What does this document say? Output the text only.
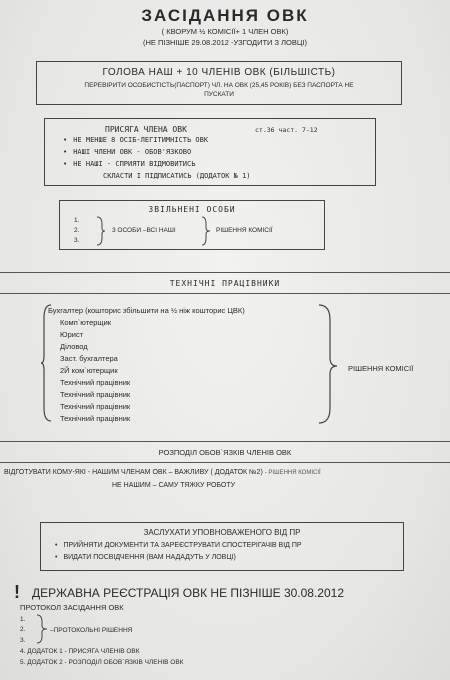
ЗАСІДАННЯ ОВК
( КВОРУМ ½ КОМІСІЇ+ 1 ЧЛЕН ОВК)
(НЕ ПІЗНІШЕ 29.08.2012 -УЗГОДИТИ З ЛОВЦІ)
ГОЛОВА НАШ + 10 ЧЛЕНІВ ОВК (БІЛЬШІСТЬ)
ПЕРЕВІРИТИ ОСОБИСТІСТЬ(ПАСПОРТ) ЧЛ. НА ОВК (25,45 РОКІВ) БЕЗ ПАСПОРТА НЕ
ПУСКАТИ
ПРИСЯГА ЧЛЕНА ОВК	ст.36 част. 7-12
• НЕ МЕНШЕ 8 ОСІБ-ЛЕГІТИМНІСТЬ ОВК
• НАШІ ЧЛЕНИ ОВК - ОБОВ'ЯЗКОВО
• НЕ НАШІ - СПРИЯТИ ВІДМОВИТИСЬ
СКЛАСТИ І ПІДПИСАТИСЬ (ДОДАТОК № 1)
ЗВІЛЬНЕНІ ОСОБИ
1.
2.
3.
3 ОСОБИ –ВСІ НАШІ	РІШЕННЯ КОМІСІЇ
ТЕХНІЧНІ ПРАЦІВНИКИ
Бухгалтер (кошторис збільшити на ½ ніж кошторис ЦВК)
Комп`ютерщик
Юрист
Діловод
Заст. бухгалтера
2Й ком`ютерщик
Технічний працівник
Технічний працівник
Технічний працівник
Технічний працівник
РІШЕННЯ КОМІСІЇ
РОЗПОДІЛ ОБОВ`ЯЗКІВ ЧЛЕНІВ ОВК
ВІДГОТУВАТИ КОМУ-ЯКІ - НАШИМ ЧЛЕНАМ ОВК – ВАЖЛИВУ ( ДОДАТОК №2) - РІШЕННЯ КОМІСІЇ
НЕ НАШИМ – САМУ ТЯЖКУ РОБОТУ
ЗАСЛУХАТИ УПОВНОВАЖЕНОГО ВІД ПР
• ПРИЙНЯТИ ДОКУМЕНТИ ТА ЗАРЕЄСТРУВАТИ СПОСТЕРІГАЧІВ ВІД ПР
• ВИДАТИ ПОСВІДЧЕННЯ (ВАМ НАДАДУТЬ У ЛОВЦІ)
! ДЕРЖАВНА РЕЄСТРАЦІЯ ОВК НЕ ПІЗНІШЕ 30.08.2012
ПРОТОКОЛ ЗАСІДАННЯ ОВК
1.
2.
3.
–ПРОТОКОЛЬНІ РІШЕННЯ
4. ДОДАТОК 1 - ПРИСЯГА ЧЛЕНІВ ОВК
5. ДОДАТОК 2 - РОЗПОДІЛ ОБОВ`ЯЗКІВ ЧЛЕНІВ ОВК
